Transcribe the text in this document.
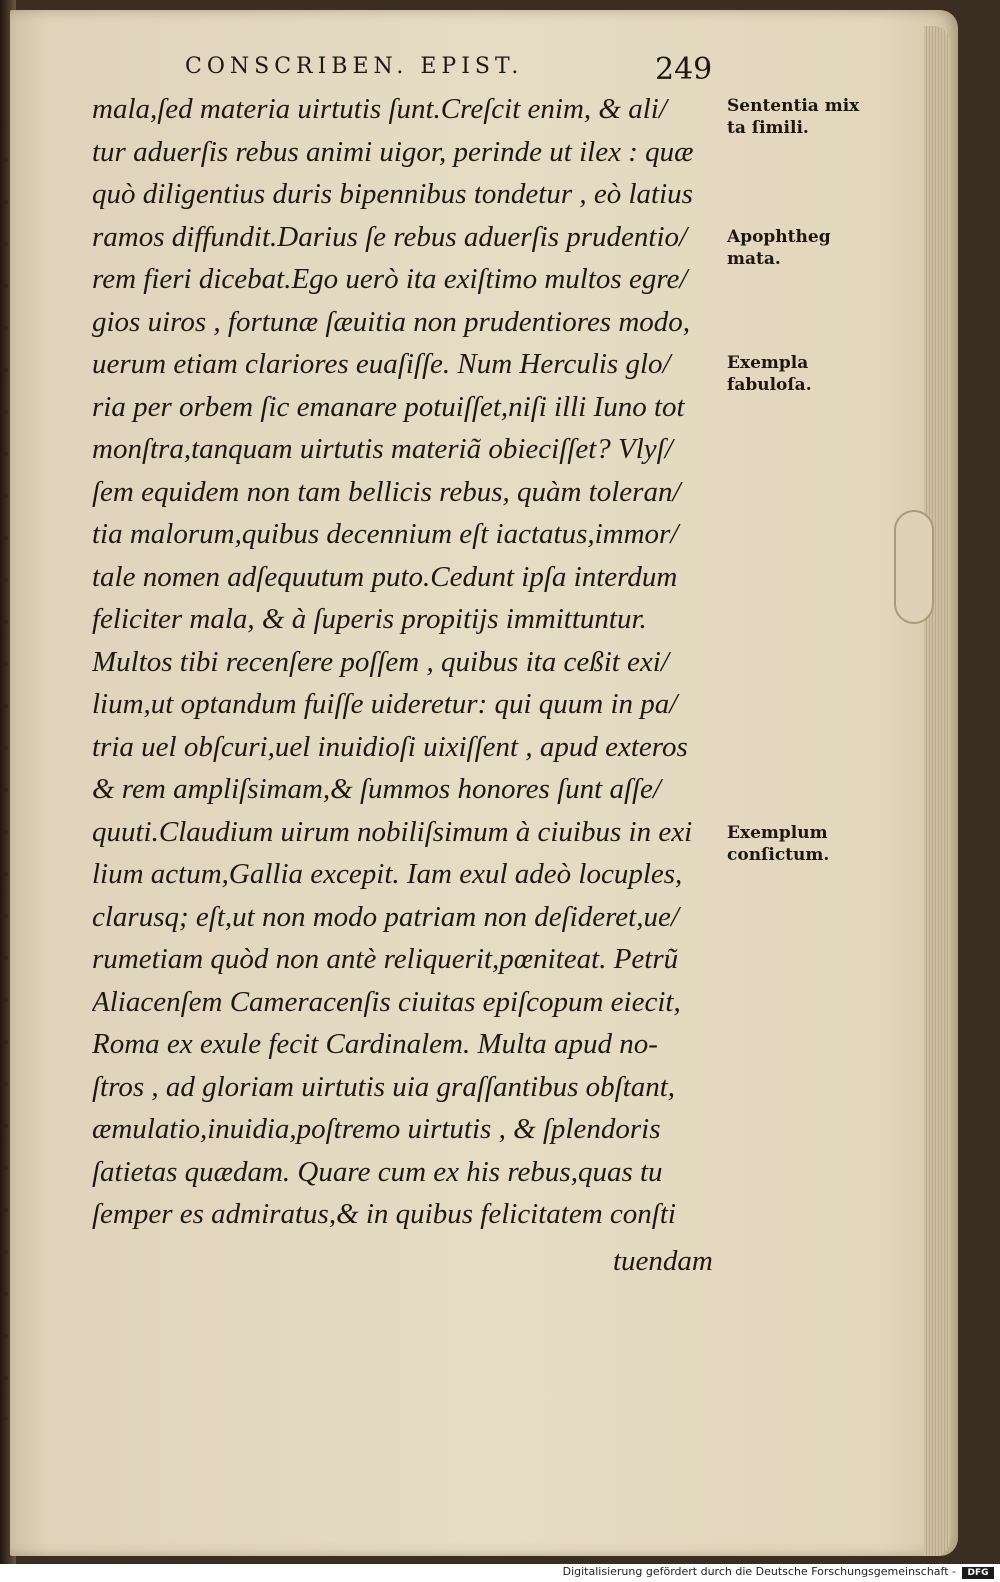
CONSCRIBEN. EPIST.	249
mala,ſed materia uirtutis ſunt.Creſcit enim, & ali/
tur aduerſis rebus animi uigor, perinde ut ilex : quæ
quò diligentius duris bipennibus tondetur , eò latius
ramos diffundit.Darius ſe rebus aduerſis prudentio/
rem fieri dicebat.Ego uerò ita exiſtimo multos egre/
gios uiros , fortunæ ſæuitia non prudentiores modo,
uerum etiam clariores euaſiſſe. Num Herculis glo/
ria per orbem ſic emanare potuiſſet,niſi illi Iuno tot
monſtra,tanquam uirtutis materiã obieciſſet? Vlyſ/
ſem equidem non tam bellicis rebus, quàm toleran/
tia malorum,quibus decennium eſt iactatus,immor/
tale nomen adſequutum puto.Cedunt ipſa interdum
feliciter mala, & à ſuperis propitijs immittuntur.
Multos tibi recenſere poſſem , quibus ita ceßit exi/
lium,ut optandum fuiſſe uideretur: qui quum in pa/
tria uel obſcuri,uel inuidioſi uixiſſent , apud exteros
& rem ampliſsimam,& ſummos honores ſunt aſſe/
quuti.Claudium uirum nobiliſsimum à ciuibus in exi
lium actum,Gallia excepit. Iam exul adeò locuples,
clarusq; eſt,ut non modo patriam non deſideret,ue/
rumetiam quòd non antè reliquerit,pœniteat. Petrũ
Aliacenſem Cameracenſis ciuitas epiſcopum eiecit,
Roma ex exule fecit Cardinalem. Multa apud no-
ſtros , ad gloriam uirtutis uia graſſantibus obſtant,
æmulatio,inuidia,poſtremo uirtutis , & ſplendoris
ſatietas quædam. Quare cum ex his rebus,quas tu
ſemper es admiratus,& in quibus felicitatem conſti
tuendam
Sententia mix ta ſimili.
Apophtheg mata.
Exempla fabuloſa.
Exemplum conſictum.
Digitalisierung gefördert durch die Deutsche Forschungsgemeinschaft -	DFG
